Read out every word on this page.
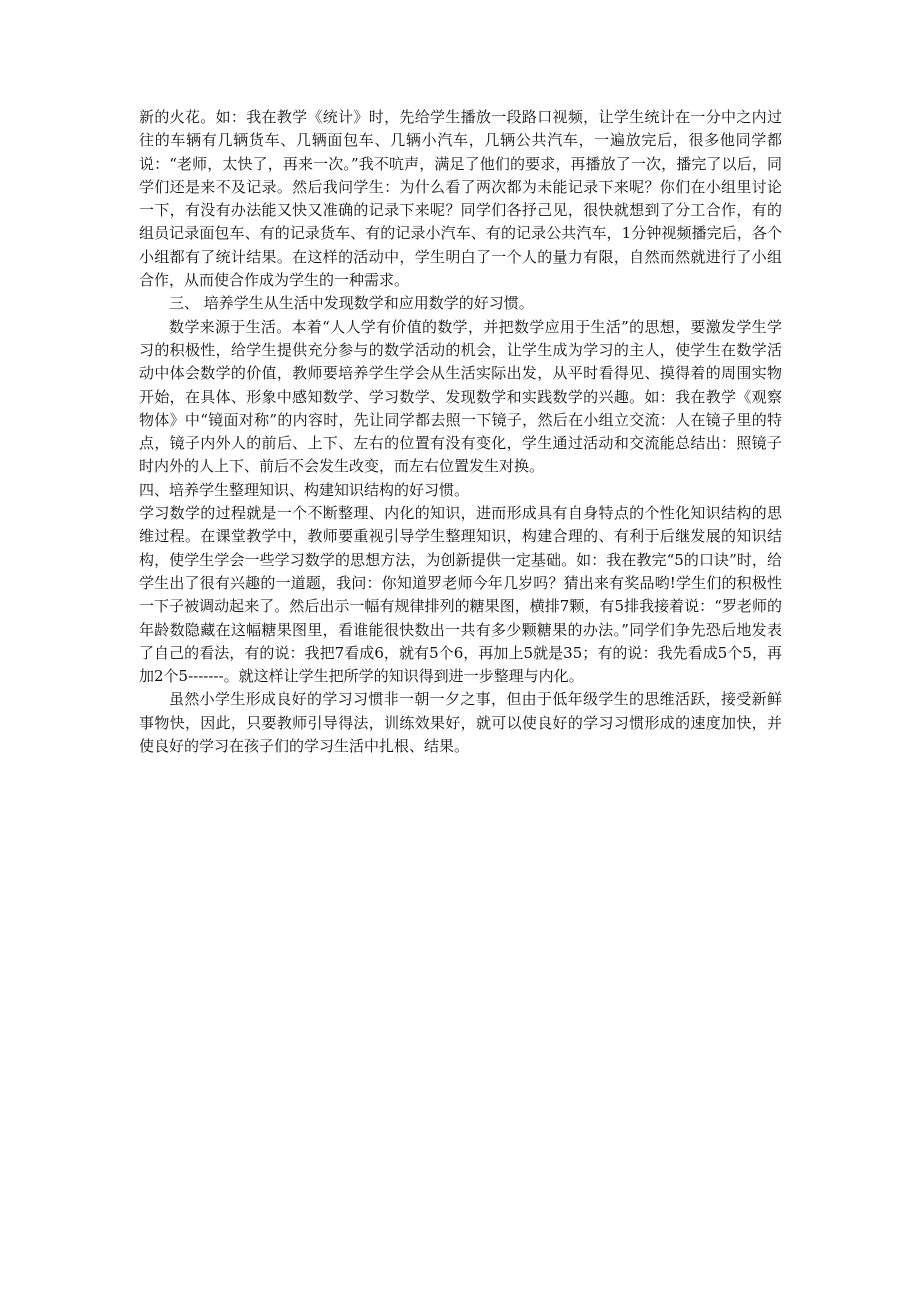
新的火花。如：我在教学《统计》时，先给学生播放一段路口视频，让学生统计在一分中之内过往的车辆有几辆货车、几辆面包车、几辆小汽车，几辆公共汽车，一遍放完后，很多他同学都说：“老师，太快了，再来一次。”我不吭声，满足了他们的要求，再播放了一次，播完了以后，同学们还是来不及记录。然后我问学生：为什么看了两次都为未能记录下来呢？你们在小组里讨论一下，有没有办法能又快又准确的记录下来呢？同学们各抒己见，很快就想到了分工合作，有的组员记录面包车、有的记录货车、有的记录小汽车、有的记录公共汽车，1分钟视频播完后，各个小组都有了统计结果。在这样的活动中，学生明白了一个人的量力有限，自然而然就进行了小组合作，从而使合作成为学生的一种需求。

三、 培养学生从生活中发现数学和应用数学的好习惯。

数学来源于生活。本着“人人学有价值的数学，并把数学应用于生活”的思想，要激发学生学习的积极性，给学生提供充分参与的数学活动的机会，让学生成为学习的主人，使学生在数学活动中体会数学的价值，教师要培养学生学会从生活实际出发，从平时看得见、摸得着的周围实物开始，在具体、形象中感知数学、学习数学、发现数学和实践数学的兴趣。如：我在教学《观察物体》中“镜面对称”的内容时，先让同学都去照一下镜子，然后在小组立交流：人在镜子里的特点，镜子内外人的前后、上下、左右的位置有没有变化，学生通过活动和交流能总结出：照镜子时内外的人上下、前后不会发生改变，而左右位置发生对换。

四、培养学生整理知识、构建知识结构的好习惯。

学习数学的过程就是一个不断整理、内化的知识，进而形成具有自身特点的个性化知识结构的思维过程。在课堂教学中，教师要重视引导学生整理知识，构建合理的、有利于后继发展的知识结构，使学生学会一些学习数学的思想方法，为创新提供一定基础。如：我在教完“5的口诀”时，给学生出了很有兴趣的一道题，我问：你知道罗老师今年几岁吗？猜出来有奖品哟!学生们的积极性一下子被调动起来了。然后出示一幅有规律排列的糖果图，横排7颗，有5排我接着说：“罗老师的年龄数隐藏在这幅糖果图里，看谁能很快数出一共有多少颗糖果的办法。”同学们争先恐后地发表了自己的看法，有的说：我把7看成6，就有5个6，再加上5就是35；有的说：我先看成5个5，再加2个5-------。就这样让学生把所学的知识得到进一步整理与内化。

虽然小学生形成良好的学习习惯非一朝一夕之事，但由于低年级学生的思维活跃，接受新鲜事物快，因此，只要教师引导得法，训练效果好，就可以使良好的学习习惯形成的速度加快，并使良好的学习在孩子们的学习生活中扎根、结果。
